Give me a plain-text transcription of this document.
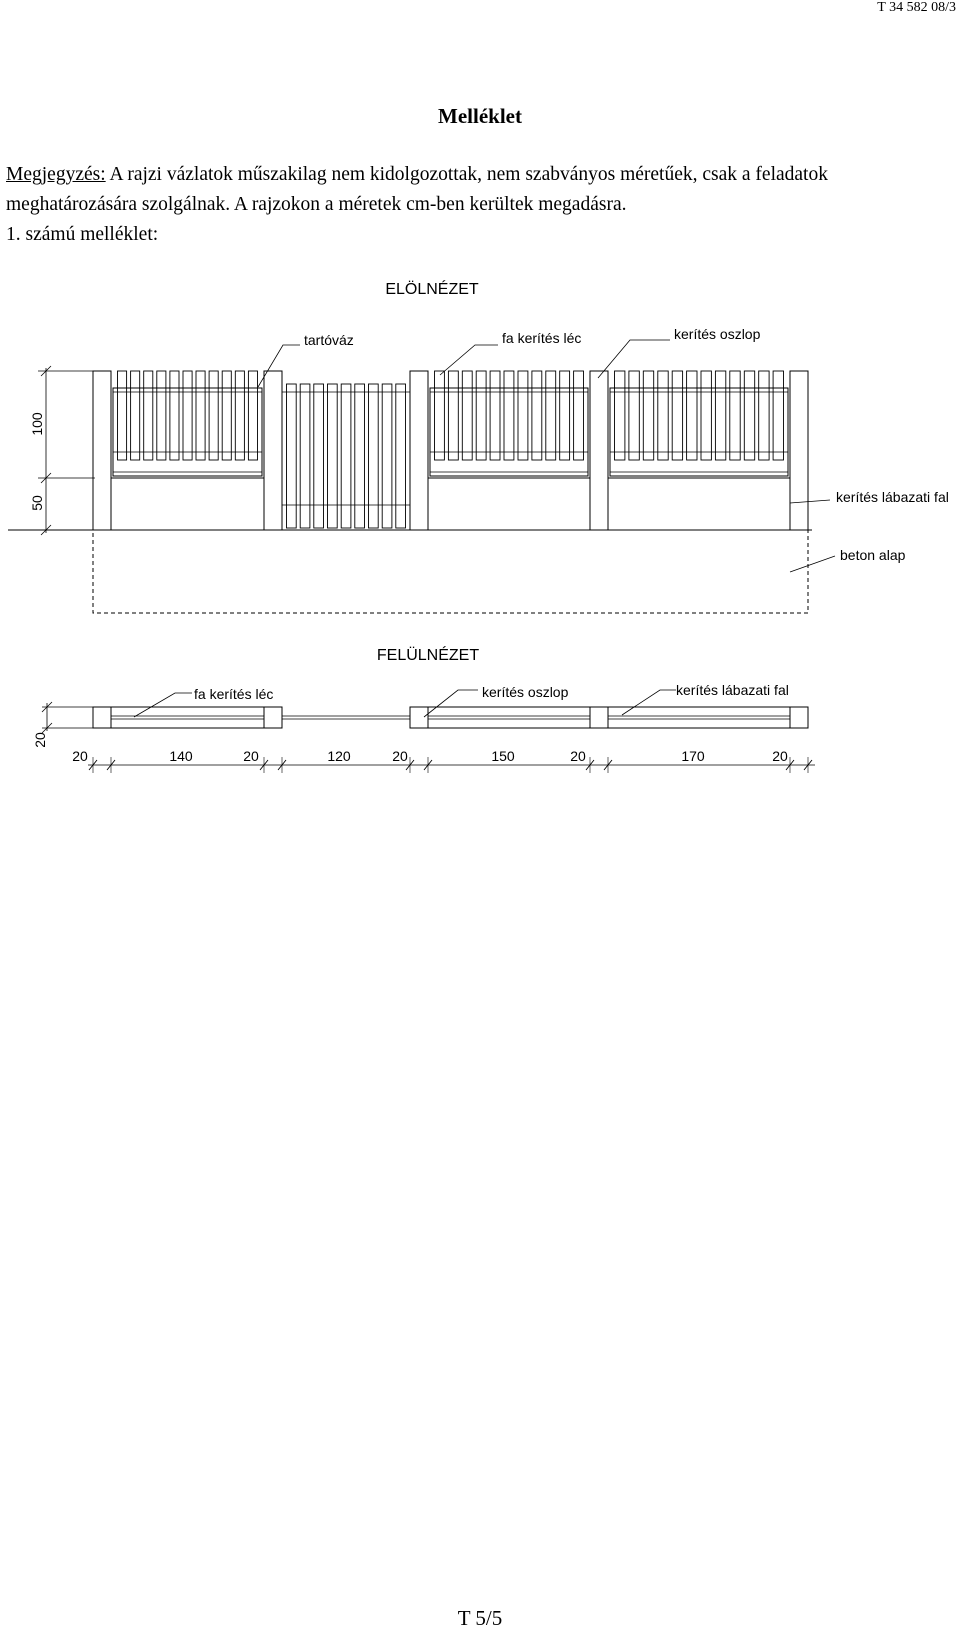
T 34 582 08/3
Melléklet
Megjegyzés: A rajzi vázlatok műszakilag nem kidolgozottak, nem szabványos méretűek, csak a feladatok meghatározására szolgálnak. A rajzokon a méretek cm-ben kerültek megadásra.
1. számú melléklet:
ELÖLNÉZET
tartóváz	fa kerítés léc	kerítés oszlop
kerítés lábazati fal
beton alap
100
50
FELÜLNÉZET
fa kerítés léc	kerítés oszlop	kerítés lábazati fal
20
20	140	20	120	20	150	20	170	20
T 5/5
